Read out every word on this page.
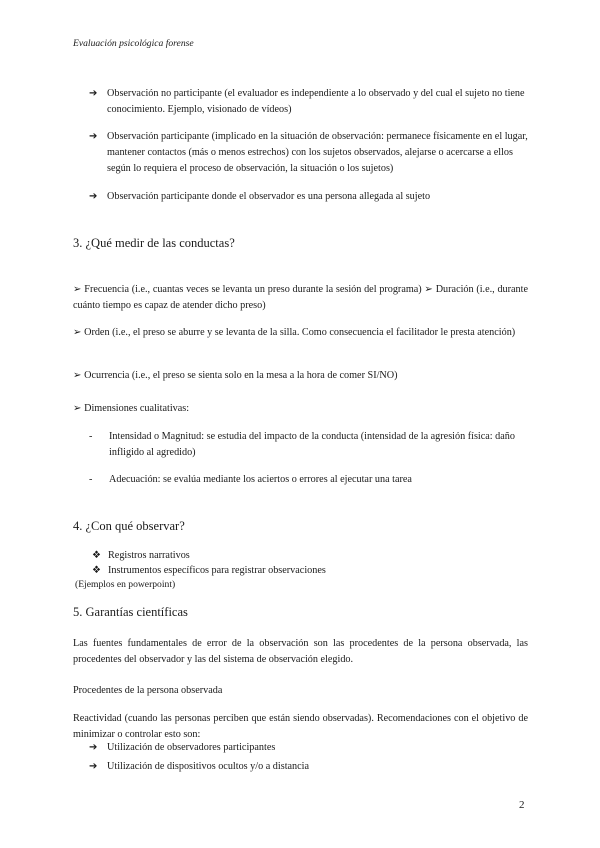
Evaluación psicológica forense
➔ Observación no participante (el evaluador es independiente a lo observado y del cual el sujeto no tiene conocimiento. Ejemplo, visionado de vídeos)
➔ Observación participante (implicado en la situación de observación: permanece físicamente en el lugar, mantener contactos (más o menos estrechos) con los sujetos observados, alejarse o acercarse a ellos según lo requiera el proceso de observación, la situación o los sujetos)
➔ Observación participante donde el observador es una persona allegada al sujeto
3. ¿Qué medir de las conductas?
➢ Frecuencia (i.e., cuantas veces se levanta un preso durante la sesión del programa) ➢ Duración (i.e., durante cuánto tiempo es capaz de atender dicho preso)
➢ Orden (i.e., el preso se aburre y se levanta de la silla. Como consecuencia el facilitador le presta atención)
➢ Ocurrencia (i.e., el preso se sienta solo en la mesa a la hora de comer SI/NO)
➢ Dimensiones cualitativas:
- Intensidad o Magnitud: se estudia del impacto de la conducta (intensidad de la agresión física: daño infligido al agredido)
- Adecuación: se evalúa mediante los aciertos o errores al ejecutar una tarea
4. ¿Con qué observar?
❖ Registros narrativos
❖ Instrumentos específicos para registrar observaciones
(Ejemplos en powerpoint)
5. Garantías científicas
Las fuentes fundamentales de error de la observación son las procedentes de la persona observada, las procedentes del observador y las del sistema de observación elegido.
Procedentes de la persona observada
Reactividad (cuando las personas perciben que están siendo observadas). Recomendaciones con el objetivo de minimizar o controlar esto son:
➔ Utilización de observadores participantes
➔ Utilización de dispositivos ocultos y/o a distancia
2
